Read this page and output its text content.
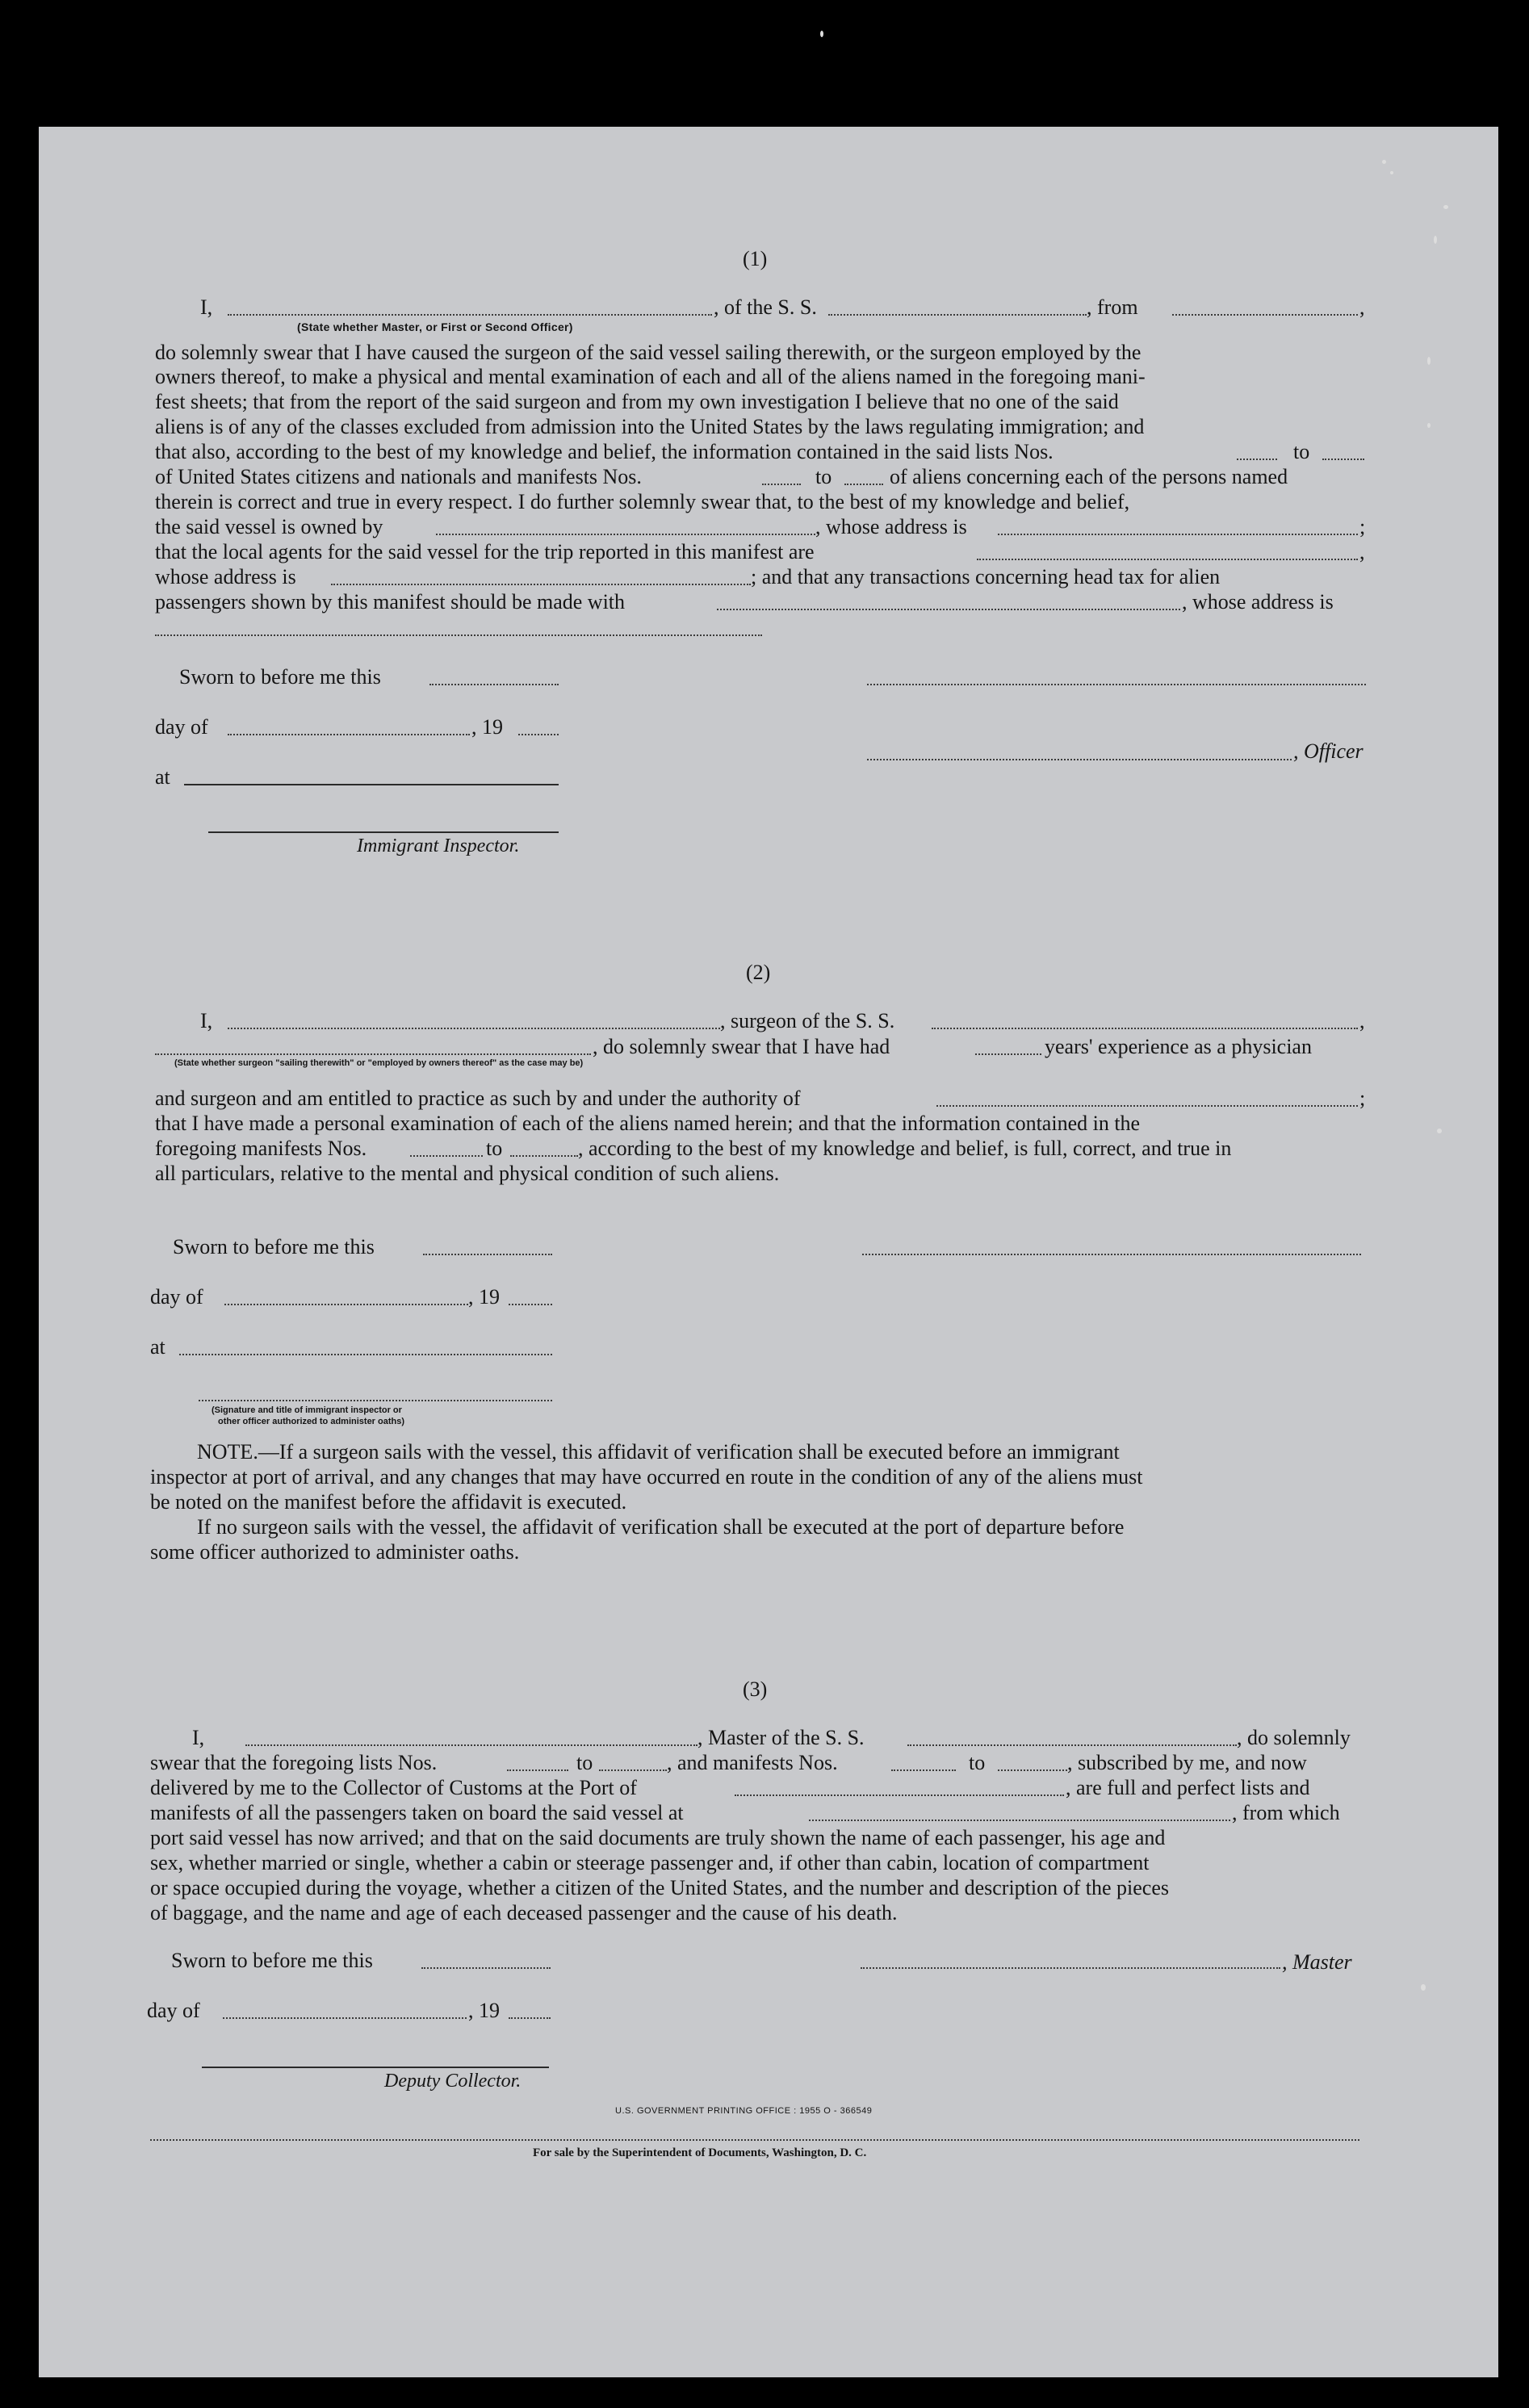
(1)
I,	, of the S. S.	, from	,
(State whether Master, or First or Second Officer)
do solemnly swear that I have caused the surgeon of the said vessel sailing therewith, or the surgeon employed by the
owners thereof, to make a physical and mental examination of each and all of the aliens named in the foregoing mani-
fest sheets; that from the report of the said surgeon and from my own investigation I believe that no one of the said
aliens is of any of the classes excluded from admission into the United States by the laws regulating immigration; and
that also, according to the best of my knowledge and belief, the information contained in the said lists Nos.	to
of United States citizens and nationals and manifests Nos.	to	of aliens concerning each of the persons named
therein is correct and true in every respect. I do further solemnly swear that, to the best of my knowledge and belief,
the said vessel is owned by	, whose address is	;
that the local agents for the said vessel for the trip reported in this manifest are	,
whose address is	; and that any transactions concerning head tax for alien
passengers shown by this manifest should be made with	, whose address is
Sworn to before me this
day of	, 19
, Officer
at
Immigrant Inspector.
(2)
I,	, surgeon of the S. S.	,
, do solemnly swear that I have had	years' experience as a physician
(State whether surgeon "sailing therewith" or "employed by owners thereof" as the case may be)
and surgeon and am entitled to practice as such by and under the authority of	;
that I have made a personal examination of each of the aliens named herein; and that the information contained in the
foregoing manifests Nos.	to	, according to the best of my knowledge and belief, is full, correct, and true in
all particulars, relative to the mental and physical condition of such aliens.
Sworn to before me this
day of	, 19
at
(Signature and title of immigrant inspector or
other officer authorized to administer oaths)
NOTE.—If a surgeon sails with the vessel, this affidavit of verification shall be executed before an immigrant
inspector at port of arrival, and any changes that may have occurred en route in the condition of any of the aliens must
be noted on the manifest before the affidavit is executed.
If no surgeon sails with the vessel, the affidavit of verification shall be executed at the port of departure before
some officer authorized to administer oaths.
(3)
I,	, Master of the S. S.	, do solemnly
swear that the foregoing lists Nos.	to	, and manifests Nos.	to	, subscribed by me, and now
delivered by me to the Collector of Customs at the Port of	, are full and perfect lists and
manifests of all the passengers taken on board the said vessel at	, from which
port said vessel has now arrived; and that on the said documents are truly shown the name of each passenger, his age and
sex, whether married or single, whether a cabin or steerage passenger and, if other than cabin, location of compartment
or space occupied during the voyage, whether a citizen of the United States, and the number and description of the pieces
of baggage, and the name and age of each deceased passenger and the cause of his death.
Sworn to before me this	, Master
day of	, 19
Deputy Collector.
U.S. GOVERNMENT PRINTING OFFICE : 1955 O - 366549
For sale by the Superintendent of Documents, Washington, D. C.
